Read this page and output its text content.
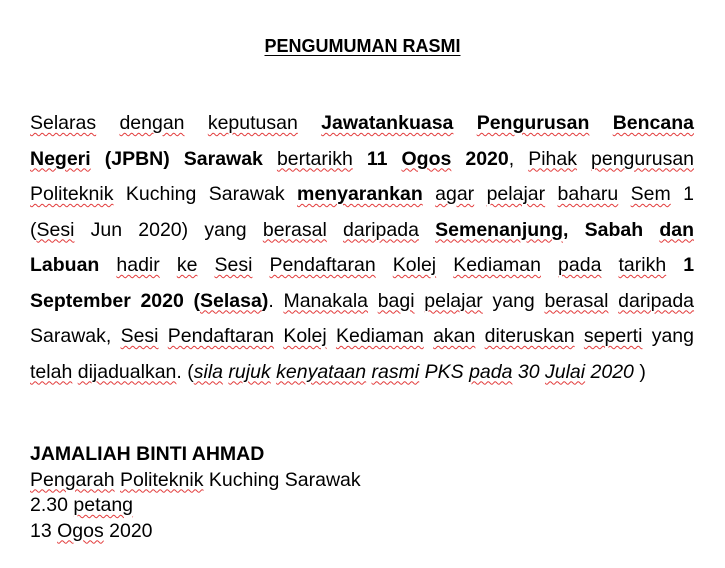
PENGUMUMAN RASMI
Selaras dengan keputusan Jawatankuasa Pengurusan Bencana
Negeri (JPBN) Sarawak bertarikh 11 Ogos 2020, Pihak pengurusan
Politeknik Kuching Sarawak menyarankan agar pelajar baharu Sem 1
(Sesi Jun 2020) yang berasal daripada Semenanjung, Sabah dan
Labuan hadir ke Sesi Pendaftaran Kolej Kediaman pada tarikh 1
September 2020 (Selasa). Manakala bagi pelajar yang berasal daripada
Sarawak, Sesi Pendaftaran Kolej Kediaman akan diteruskan seperti yang
telah dijadualkan. (sila rujuk kenyataan rasmi PKS pada 30 Julai 2020 )
JAMALIAH BINTI AHMAD
Pengarah Politeknik Kuching Sarawak
2.30 petang
13 Ogos 2020
